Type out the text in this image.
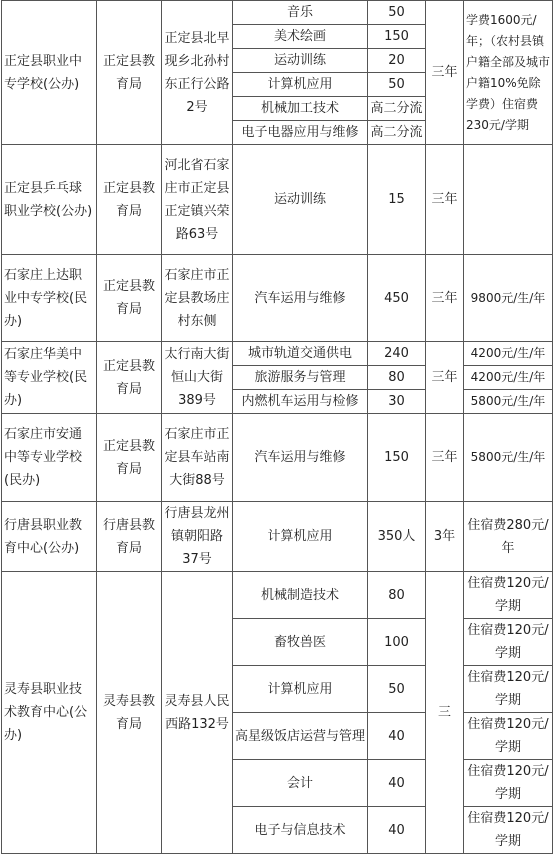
正定县职业中专学校(公办)	正定县教育局	正定县北早现乡北孙村东正行公路2号	音乐	50	三年	学费1600元/年；（农村县镇户籍全部及城市户籍10%免除学费）住宿费230元/学期
			美术绘画	150		
			运动训练	20		
			计算机应用	50		
			机械加工技术	高二分流		
			电子电器应用与维修	高二分流		
正定县乒乓球职业学校(公办)	正定县教育局	河北省石家庄市正定县正定镇兴荣路63号	运动训练	15	三年	
石家庄上达职业中专学校(民办)	正定县教育局	石家庄市正定县教场庄村东侧	汽车运用与维修	450	三年	9800元/生/年
石家庄华美中等专业学校(民办)	正定县教育局	太行南大街恒山大街389号	城市轨道交通供电	240	三年	4200元/生/年
			旅游服务与管理	80		4200元/生/年
			内燃机车运用与检修	30		5800元/生/年
石家庄市安通中等专业学校(民办)	正定县教育局	石家庄市正定县车站南大街88号	汽车运用与维修	150	三年	5800元/生/年
行唐县职业教育中心(公办)	行唐县教育局	行唐县龙州镇朝阳路37号	计算机应用	350人	3年	住宿费280元/年
灵寿县职业技术教育中心(公办)	灵寿县教育局	灵寿县人民西路132号	机械制造技术	80	三	住宿费120元/学期
			畜牧兽医	100		住宿费120元/学期
			计算机应用	50		住宿费120元/学期
			高星级饭店运营与管理	40		住宿费120元/学期
			会计	40		住宿费120元/学期
			电子与信息技术	40		住宿费120元/学期
